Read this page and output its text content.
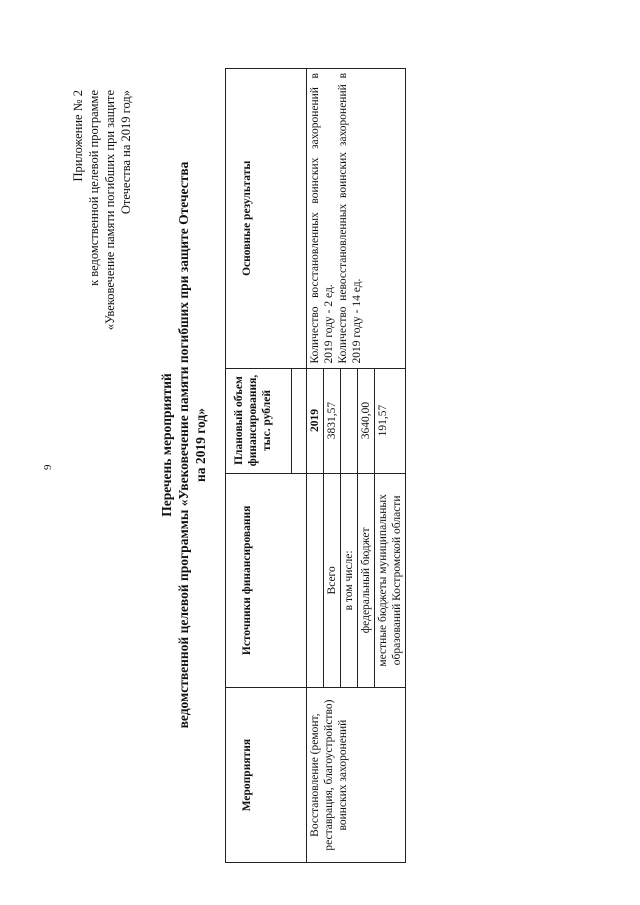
9
Приложение № 2 к ведомственной целевой программе «Увековечение памяти погибших при защите Отечества на 2019 год»
Перечень мероприятий ведомственной целевой программы «Увековечение памяти погибших при защите Отечества на 2019 год»
Мероприятия	Источники финансирования	Плановый объем финансирования, тыс. рублей	Основные результаты

Восстановление (ремонт, реставрация, благоустройство) воинских захоронений		2019	Количество восстановленных воинских захоронений в 2019 году - 2 ед. Количество невосстановленных воинских захоронений в 2019 году - 14 ед.

	Всего	3831,57	
	в том числе:		
	федеральный бюджет	3640,00	
	местные бюджеты муниципальных образований Костромской области	191,57	
